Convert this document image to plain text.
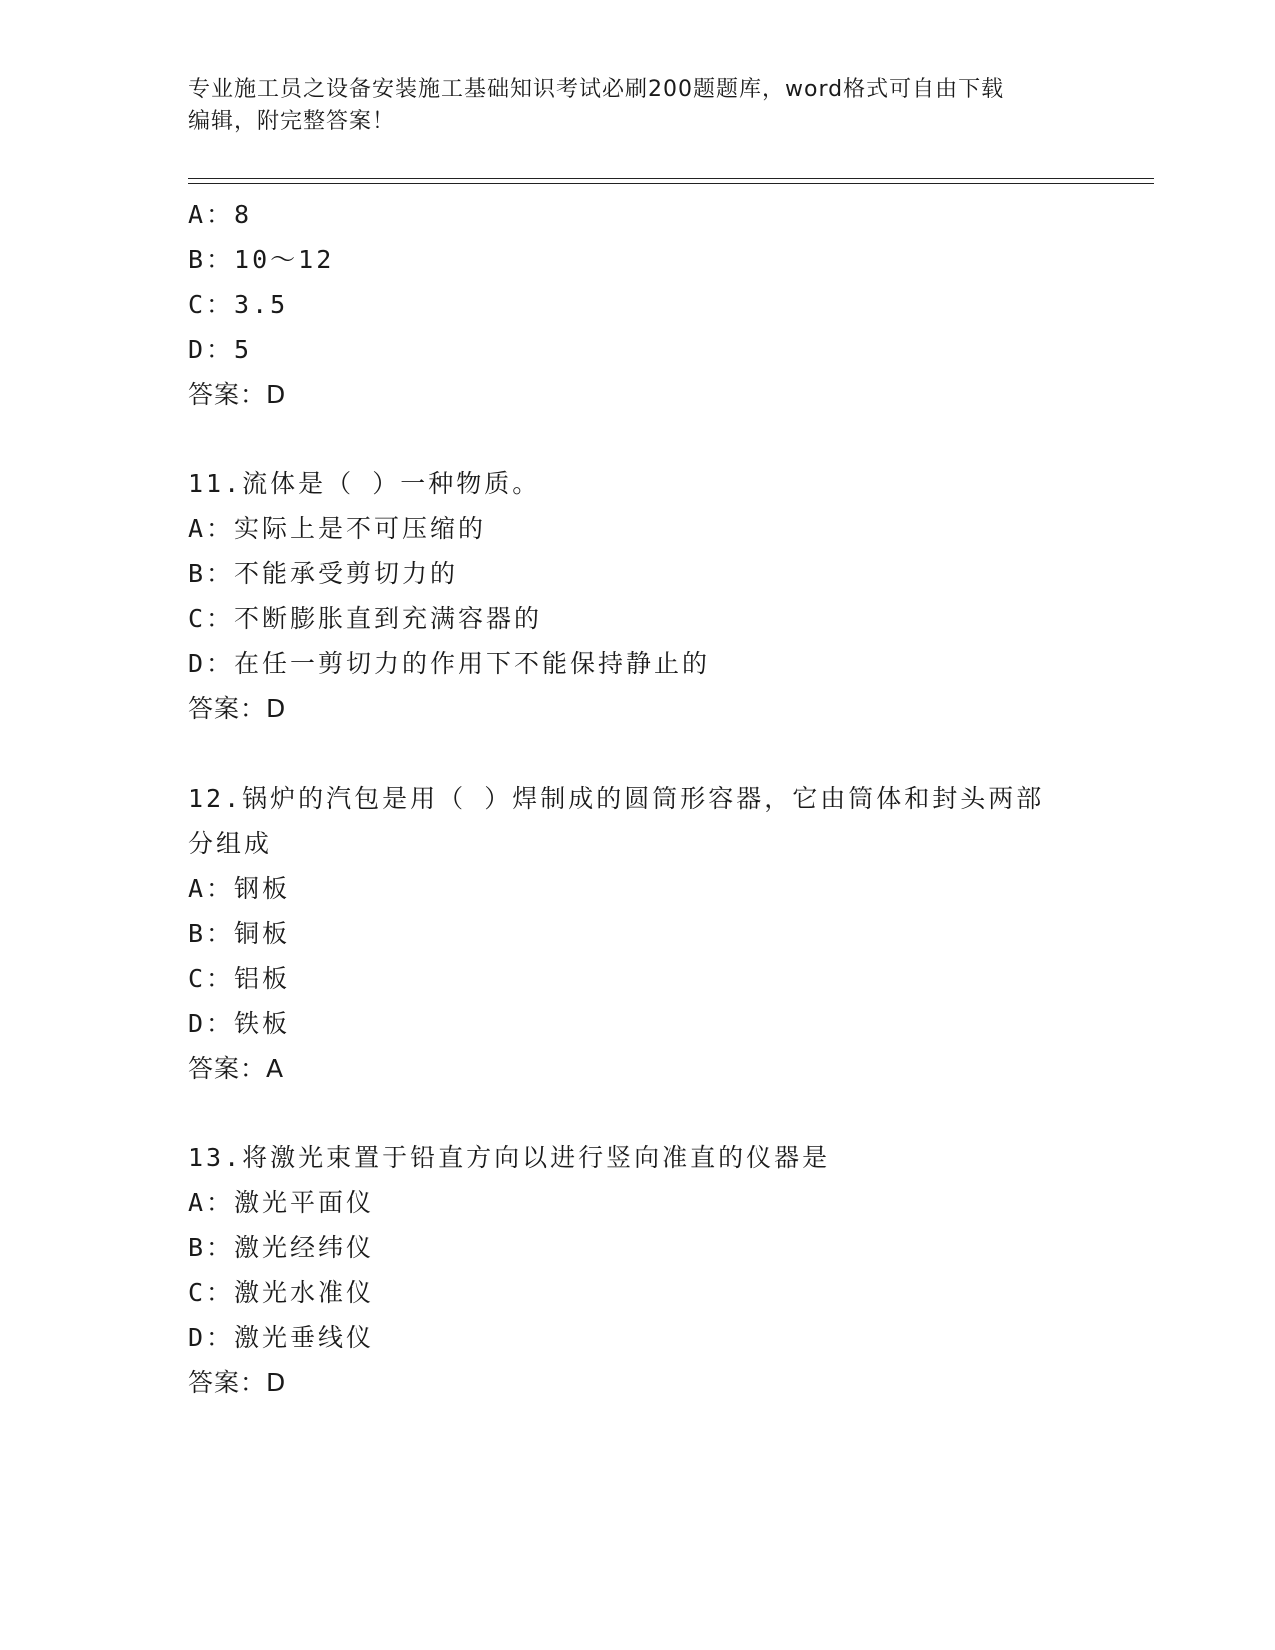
专业施工员之设备安装施工基础知识考试必刷200题题库，word格式可自由下载
编辑，附完整答案！
A：8
B：10～12
C：3.5
D：5
答案：D
11.流体是（ ）一种物质。
A：实际上是不可压缩的
B：不能承受剪切力的
C：不断膨胀直到充满容器的
D：在任一剪切力的作用下不能保持静止的
答案：D
12.锅炉的汽包是用（ ）焊制成的圆筒形容器，它由筒体和封头两部
分组成
A：钢板
B：铜板
C：铝板
D：铁板
答案：A
13.将激光束置于铅直方向以进行竖向准直的仪器是
A：激光平面仪
B：激光经纬仪
C：激光水准仪
D：激光垂线仪
答案：D
